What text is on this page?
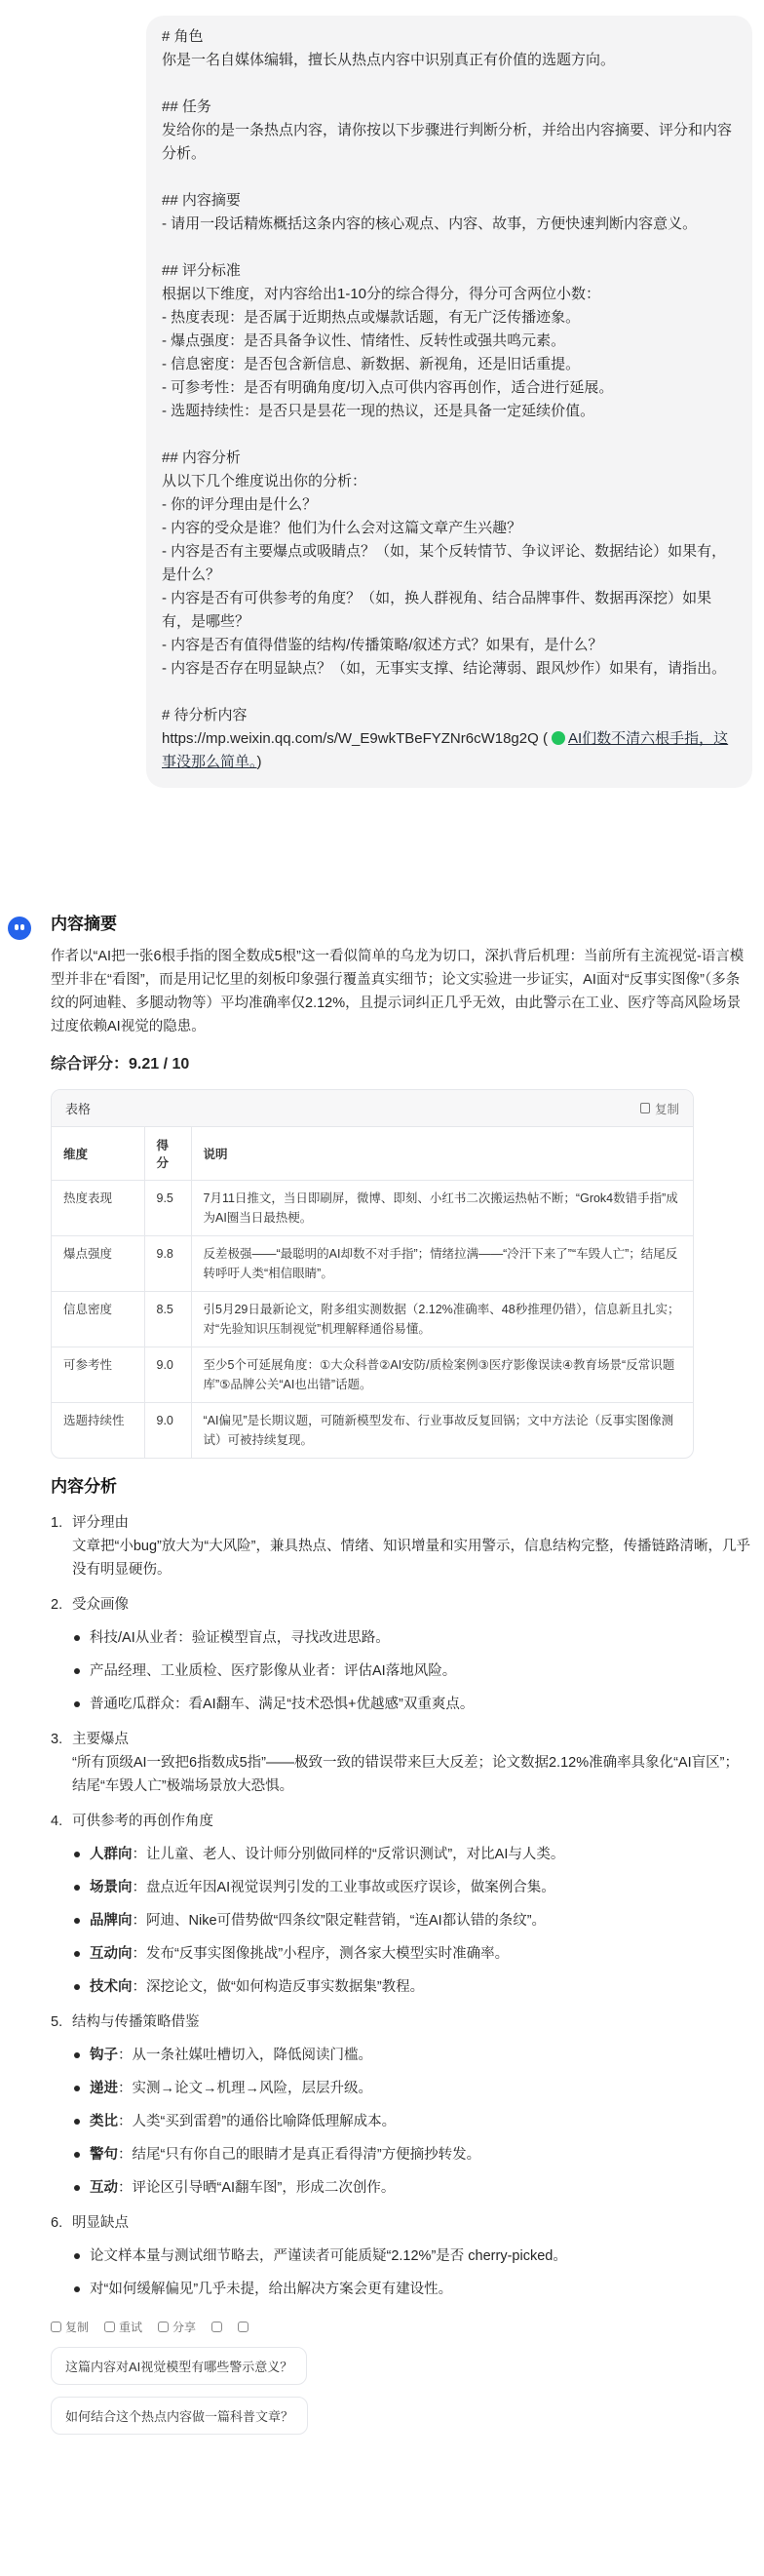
# 角色
你是一名自媒体编辑，擅长从热点内容中识别真正有价值的选题方向。
## 任务
发给你的是一条热点内容，请你按以下步骤进行判断分析，并给出内容摘要、评分和内容分析。
## 内容摘要
- 请用一段话精炼概括这条内容的核心观点、内容、故事，方便快速判断内容意义。
## 评分标准
根据以下维度，对内容给出1-10分的综合得分，得分可含两位小数：
- 热度表现：是否属于近期热点或爆款话题，有无广泛传播迹象。
- 爆点强度：是否具备争议性、情绪性、反转性或强共鸣元素。
- 信息密度：是否包含新信息、新数据、新视角，还是旧话重提。
- 可参考性：是否有明确角度/切入点可供内容再创作，适合进行延展。
- 选题持续性：是否只是昙花一现的热议，还是具备一定延续价值。
## 内容分析
从以下几个维度说出你的分析：
- 你的评分理由是什么？
- 内容的受众是谁？他们为什么会对这篇文章产生兴趣？
- 内容是否有主要爆点或吸睛点？（如，某个反转情节、争议评论、数据结论）如果有，是什么？
- 内容是否有可供参考的角度？（如，换人群视角、结合品牌事件、数据再深挖）如果有，是哪些？
- 内容是否有值得借鉴的结构/传播策略/叙述方式？如果有，是什么？
- 内容是否存在明显缺点？（如，无事实支撑、结论薄弱、跟风炒作）如果有，请指出。
# 待分析内容
https://mp.weixin.qq.com/s/W_E9wkTBeFYZNr6cW18g2Q ( AI们数不清六根手指，这事没那么简单。)
内容摘要

作者以“AI把一张6根手指的图全数成5根”这一看似简单的乌龙为切口，深扒背后机理：当前所有主流视觉-语言模型并非在“看图”，而是用记忆里的刻板印象强行覆盖真实细节；论文实验进一步证实，AI面对“反事实图像”（多条纹的阿迪鞋、多腿动物等）平均准确率仅2.12%，且提示词纠正几乎无效，由此警示在工业、医疗等高风险场景过度依赖AI视觉的隐患。

综合评分：9.21 / 10
表格	复制
维度	得分	说明
热度表现	9.5	7月11日推文，当日即刷屏，微博、即刻、小红书二次搬运热帖不断；“Grok4数错手指”成为AI圈当日最热梗。
爆点强度	9.8	反差极强——“最聪明的AI却数不对手指”；情绪拉满——“冷汗下来了”“车毁人亡”；结尾反转呼吁人类“相信眼睛”。
信息密度	8.5	引5月29日最新论文，附多组实测数据（2.12%准确率、48秒推理仍错），信息新且扎实；对“先验知识压制视觉”机理解释通俗易懂。
可参考性	9.0	至少5个可延展角度：①大众科普②AI安防/质检案例③医疗影像误读④教育场景“反常识题库”⑤品牌公关“AI也出错”话题。
选题持续性	9.0	“AI偏见”是长期议题，可随新模型发布、行业事故反复回锅；文中方法论（反事实图像测试）可被持续复现。
内容分析
1. 评分理由
文章把“小bug”放大为“大风险”，兼具热点、情绪、知识增量和实用警示，信息结构完整，传播链路清晰，几乎没有明显硬伤。
2. 受众画像
科技/AI从业者：验证模型盲点，寻找改进思路。
产品经理、工业质检、医疗影像从业者：评估AI落地风险。
普通吃瓜群众：看AI翻车、满足“技术恐惧+优越感”双重爽点。
3. 主要爆点
“所有顶级AI一致把6指数成5指”——极致一致的错误带来巨大反差；论文数据2.12%准确率具象化“AI盲区”；结尾“车毁人亡”极端场景放大恐惧。
4. 可供参考的再创作角度
人群向：让儿童、老人、设计师分别做同样的“反常识测试”，对比AI与人类。
场景向：盘点近年因AI视觉误判引发的工业事故或医疗误诊，做案例合集。
品牌向：阿迪、Nike可借势做“四条纹”限定鞋营销，“连AI都认错的条纹”。
互动向：发布“反事实图像挑战”小程序，测各家大模型实时准确率。
技术向：深挖论文，做“如何构造反事实数据集”教程。
5. 结构与传播策略借鉴
钩子：从一条社媒吐槽切入，降低阅读门槛。
递进：实测→论文→机理→风险，层层升级。
类比：人类“买到雷碧”的通俗比喻降低理解成本。
警句：结尾“只有你自己的眼睛才是真正看得清”方便摘抄转发。
互动：评论区引导晒“AI翻车图”，形成二次创作。
6. 明显缺点
论文样本量与测试细节略去，严谨读者可能质疑“2.12%”是否 cherry-picked。
对“如何缓解偏见”几乎未提，给出解决方案会更有建设性。
复制	重试	分享
这篇内容对AI视觉模型有哪些警示意义？
如何结合这个热点内容做一篇科普文章？
